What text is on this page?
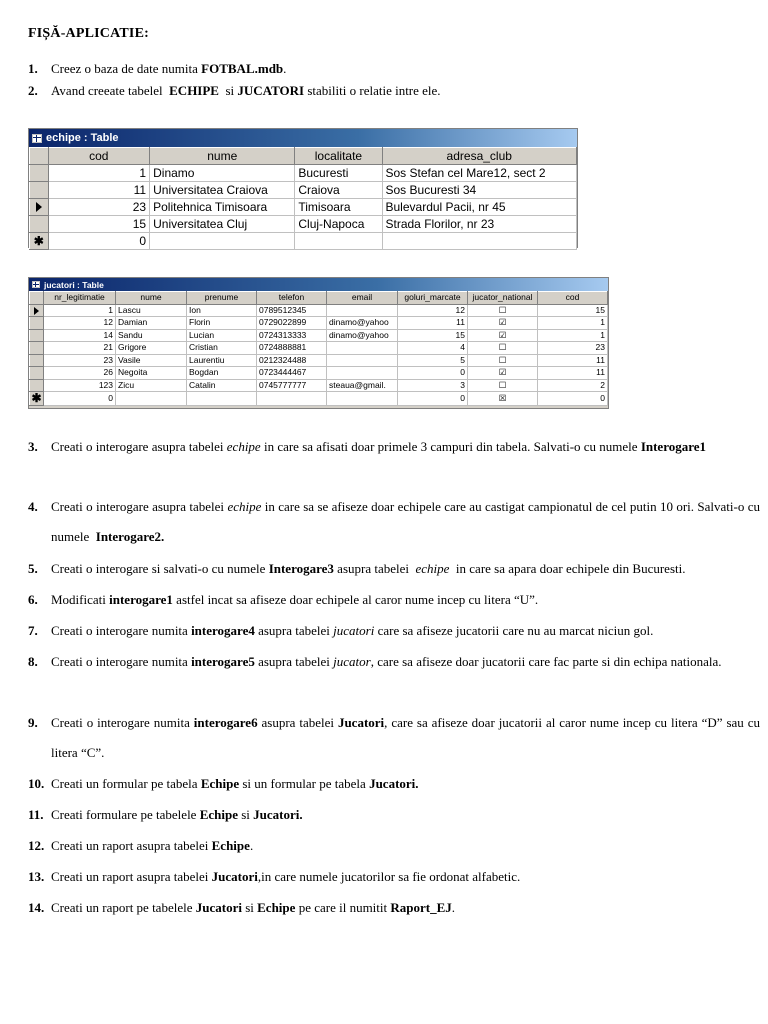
FIȘĂ-APLICATIE:
1.	Creez o baza de date numita FOTBAL.mdb.
2.	Avand creeate tabelel  ECHIPE  si JUCATORI stabiliti o relatie intre ele.
echipe : Table
	cod	nume	localitate	adresa_club
	1	Dinamo	Bucuresti	Sos Stefan cel Mare12, sect 2
	11	Universitatea Craiova	Craiova	Sos Bucuresti 34
	23	Politehnica Timisoara	Timisoara	Bulevardul Pacii, nr 45
	15	Universitatea Cluj	Cluj-Napoca	Strada Florilor, nr 23
✱	0			
jucatori : Table
	nr_legitimatie	nume	prenume	telefon	email	goluri_marcate	jucator_national	cod
	1	Lascu	Ion	0789512345		12	☐	15
	12	Damian	Florin	0729022899	dinamo@yahoo	11	☑	1
	14	Sandu	Lucian	0724313333	dinamo@yahoo	15	☑	1
	21	Grigore	Cristian	0724888881		4	☐	23
	23	Vasile	Laurentiu	0212324488		5	☐	11
	26	Negoita	Bogdan	0723444467		0	☑	11
	123	Zicu	Catalin	0745777777	steaua@gmail.	3	☐	2
✱	0					0	☒	0
3.	Creati o interogare asupra tabelei echipe in care sa afisati doar primele 3 campuri din tabela. Salvati-o cu numele Interogare1
4.	Creati o interogare asupra tabelei echipe in care sa se afiseze doar echipele care au castigat campionatul de cel putin 10 ori. Salvati-o cu numele  Interogare2.
5.	Creati o interogare si salvati-o cu numele Interogare3 asupra tabelei  echipe  in care sa apara doar echipele din Bucuresti.
6.	Modificati interogare1 astfel incat sa afiseze doar echipele al caror nume incep cu litera “U”.
7.	Creati o interogare numita interogare4 asupra tabelei jucatori care sa afiseze jucatorii care nu au marcat niciun gol.
8.	Creati o interogare numita interogare5 asupra tabelei jucator, care sa afiseze doar jucatorii care fac parte si din echipa nationala.
9.	Creati o interogare numita interogare6 asupra tabelei Jucatori, care sa afiseze doar jucatorii al caror nume incep cu litera “D” sau cu litera “C”.
10. Creati un formular pe tabela Echipe si un formular pe tabela Jucatori.
11. Creati formulare pe tabelele Echipe si Jucatori.
12. Creati un raport asupra tabelei Echipe.
13. Creati un raport asupra tabelei Jucatori,in care numele jucatorilor sa fie ordonat alfabetic.
14. Creati un raport pe tabelele Jucatori si Echipe pe care il numitit Raport_EJ.
